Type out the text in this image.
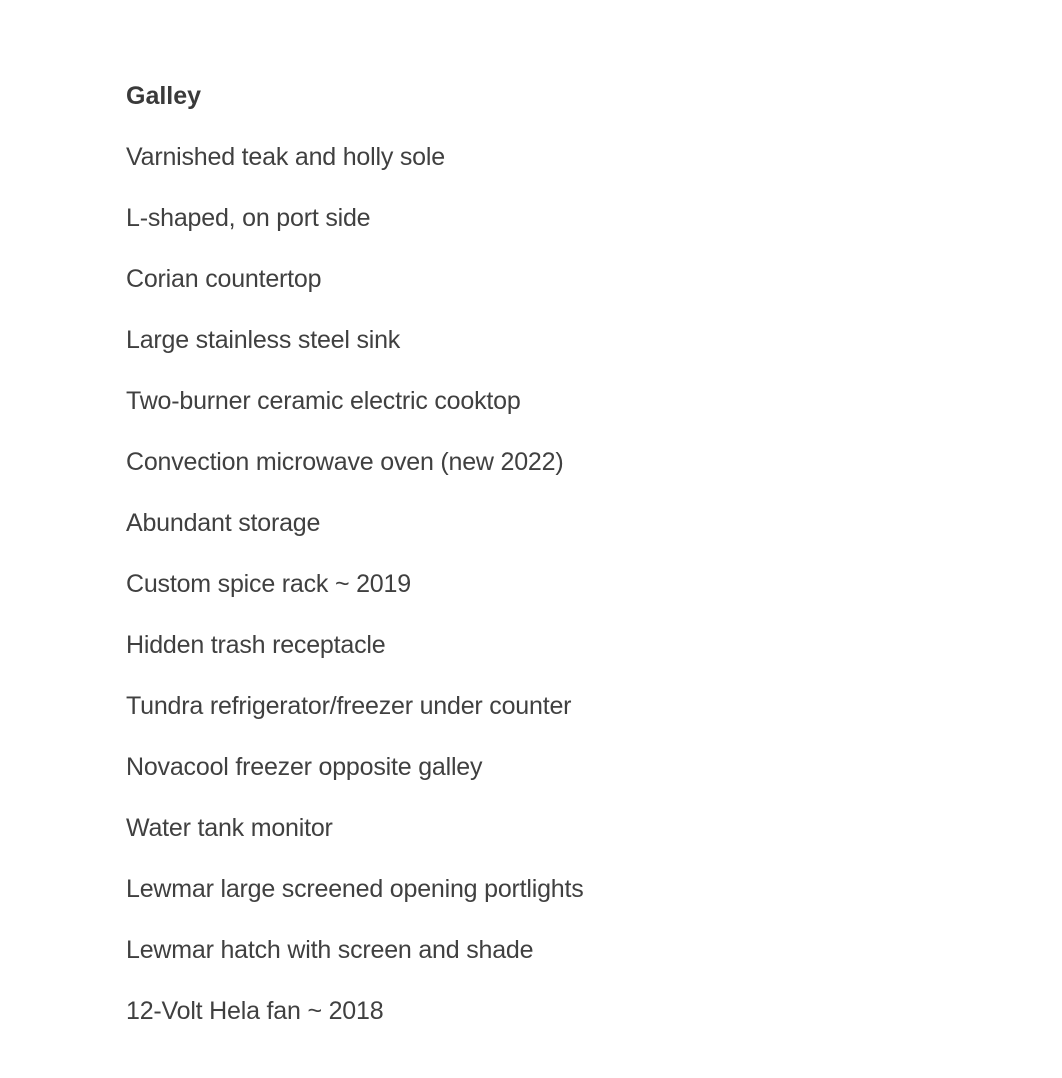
Galley
Varnished teak and holly sole
L-shaped, on port side
Corian countertop
Large stainless steel sink
Two-burner ceramic electric cooktop
Convection microwave oven (new 2022)
Abundant storage
Custom spice rack ~ 2019
Hidden trash receptacle
Tundra refrigerator/freezer under counter
Novacool freezer opposite galley
Water tank monitor
Lewmar large screened opening portlights
Lewmar hatch with screen and shade
12-Volt Hela fan ~ 2018
